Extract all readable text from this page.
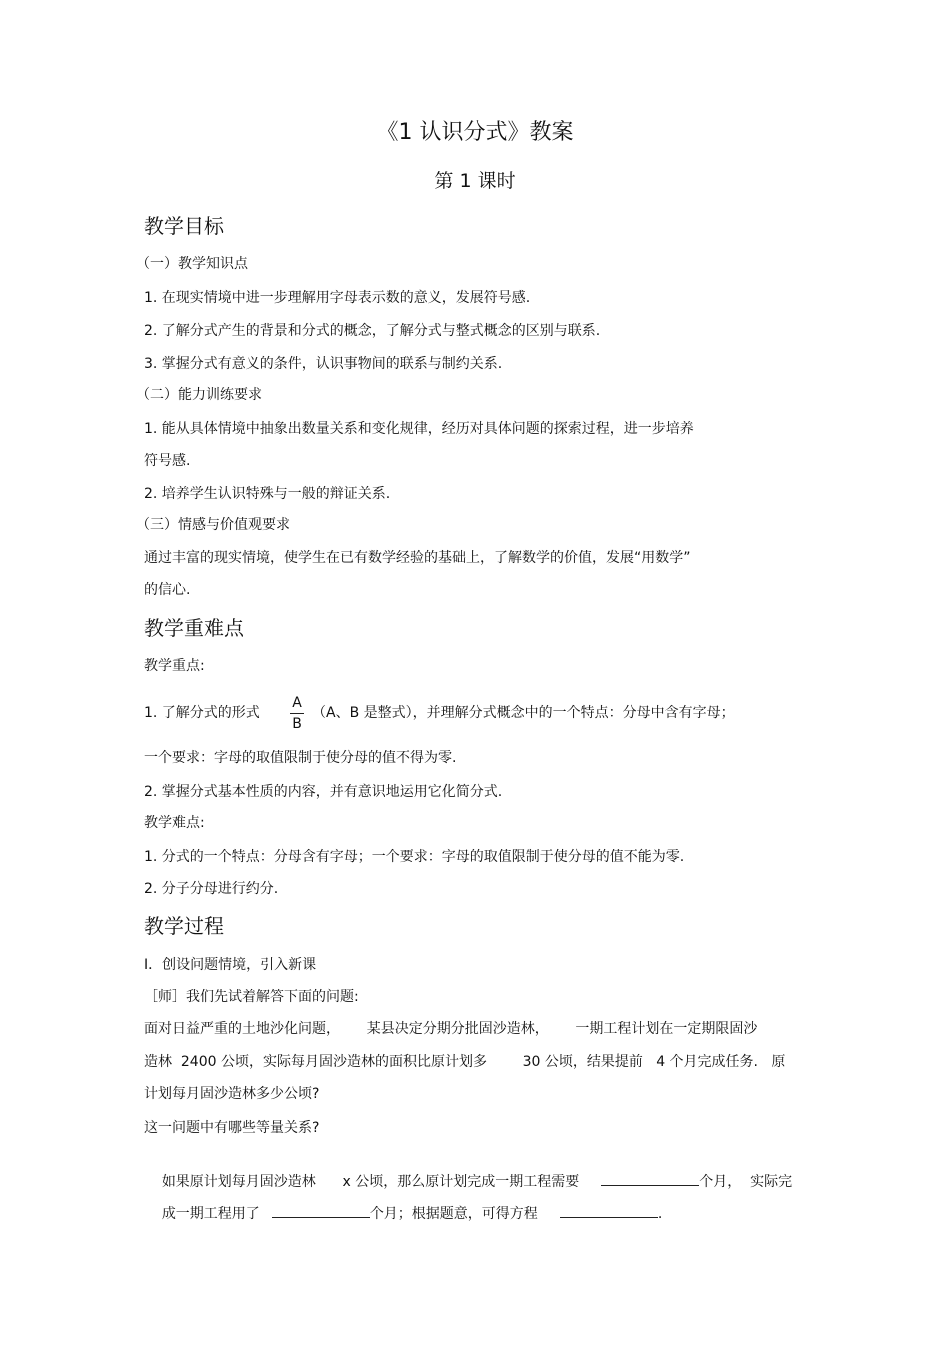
《1 认识分式》教案
第 1 课时
教学目标
（一）教学知识点
1. 在现实情境中进一步理解用字母表示数的意义，发展符号感.
2. 了解分式产生的背景和分式的概念，了解分式与整式概念的区别与联系.
3. 掌握分式有意义的条件，认识事物间的联系与制约关系.
（二）能力训练要求
1. 能从具体情境中抽象出数量关系和变化规律，经历对具体问题的探索过程，进一步培养
符号感.
2. 培养学生认识特殊与一般的辩证关系.
（三）情感与价值观要求
通过丰富的现实情境，使学生在已有数学经验的基础上，了解数学的价值，发展“用数学”
的信心.
教学重难点
教学重点:
1. 了解分式的形式
A
B
（A、B 是整式），并理解分式概念中的一个特点：分母中含有字母；
一个要求：字母的取值限制于使分母的值不得为零.
2. 掌握分式基本性质的内容，并有意识地运用它化简分式.
教学难点:
1. 分式的一个特点：分母含有字母；一个要求：字母的取值限制于使分母的值不能为零.
2. 分子分母进行约分.
教学过程
Ⅰ．创设问题情境，引入新课
［师］我们先试着解答下面的问题:
面对日益严重的土地沙化问题，      某县决定分期分批固沙造林，      一期工程计划在一定期限固沙
造林  2400 公顷，实际每月固沙造林的面积比原计划多        30 公顷，结果提前   4 个月完成任务.   原
计划每月固沙造林多少公顷?
这一问题中有哪些等量关系?

如果原计划每月固沙造林      x 公顷，那么原计划完成一期工程需要	个月，  实际完

成一期工程用了	个月；根据题意，可得方程	.
